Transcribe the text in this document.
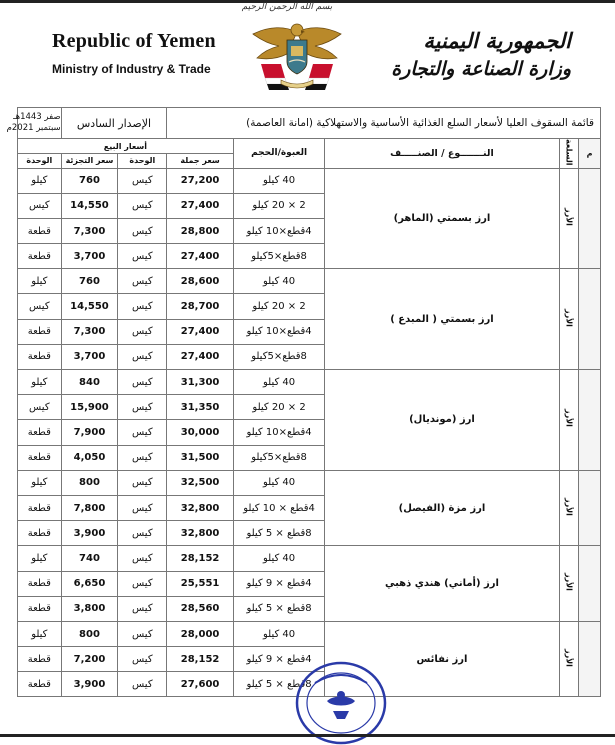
بسم الله الرحمن الرحيم
Republic of Yemen
Ministry of Industry & Trade
الجمهورية اليمنية
وزارة الصناعة والتجارة
قائمة السقوف العليا لأسعار السلع الغذائية الأساسية والاستهلاكية (امانة العاصمة)					الإصدار السادس		صفر 1443هـ
سبتمبر 2021م

م	السلعة	النـــــــوع / الصنـــــف	العبوة/الحجم	أسعار البيع			
				سعر جملة	الوحدة	سعر التجزئة	الوحدة
	الأرز	ارز بسمتي (الماهر)	40 كيلو	27,200	كيس	760	كيلو
			2 × 20 كيلو	27,400	كيس	14,550	كيس
			4قطع×10 كيلو	28,800	كيس	7,300	قطعة
			8قطع×5كيلو	27,400	كيس	3,700	قطعة
	الأرز	ارز بسمتي ( المبدع )	40 كيلو	28,600	كيس	760	كيلو
			2 × 20 كيلو	28,700	كيس	14,550	كيس
			4قطع×10 كيلو	27,400	كيس	7,300	قطعة
			8قطع×5كيلو	27,400	كيس	3,700	قطعة
	الأرز	ارز (مونديال)	40 كيلو	31,300	كيس	840	كيلو
			2 × 20 كيلو	31,350	كيس	15,900	كيس
			4قطع×10 كيلو	30,000	كيس	7,900	قطعة
			8قطع×5كيلو	31,500	كيس	4,050	قطعة
	الأرز	ارز مزة (الفيصل)	40 كيلو	32,500	كيس	800	كيلو
			4قطع × 10 كيلو	32,800	كيس	7,800	قطعة
			8قطع × 5 كيلو	32,800	كيس	3,900	قطعة
	الأرز	ارز (أماني) هندي ذهبي	40 كيلو	28,152	كيس	740	كيلو
			4قطع × 9 كيلو	25,551	كيس	6,650	قطعة
			8قطع × 5 كيلو	28,560	كيس	3,800	قطعة
	الأرز	ارز نفائس	40 كيلو	28,000	كيس	800	كيلو
			4قطع × 9 كيلو	28,152	كيس	7,200	قطعة
			8قطع × 5 كيلو	27,600	كيس	3,900	قطعة
